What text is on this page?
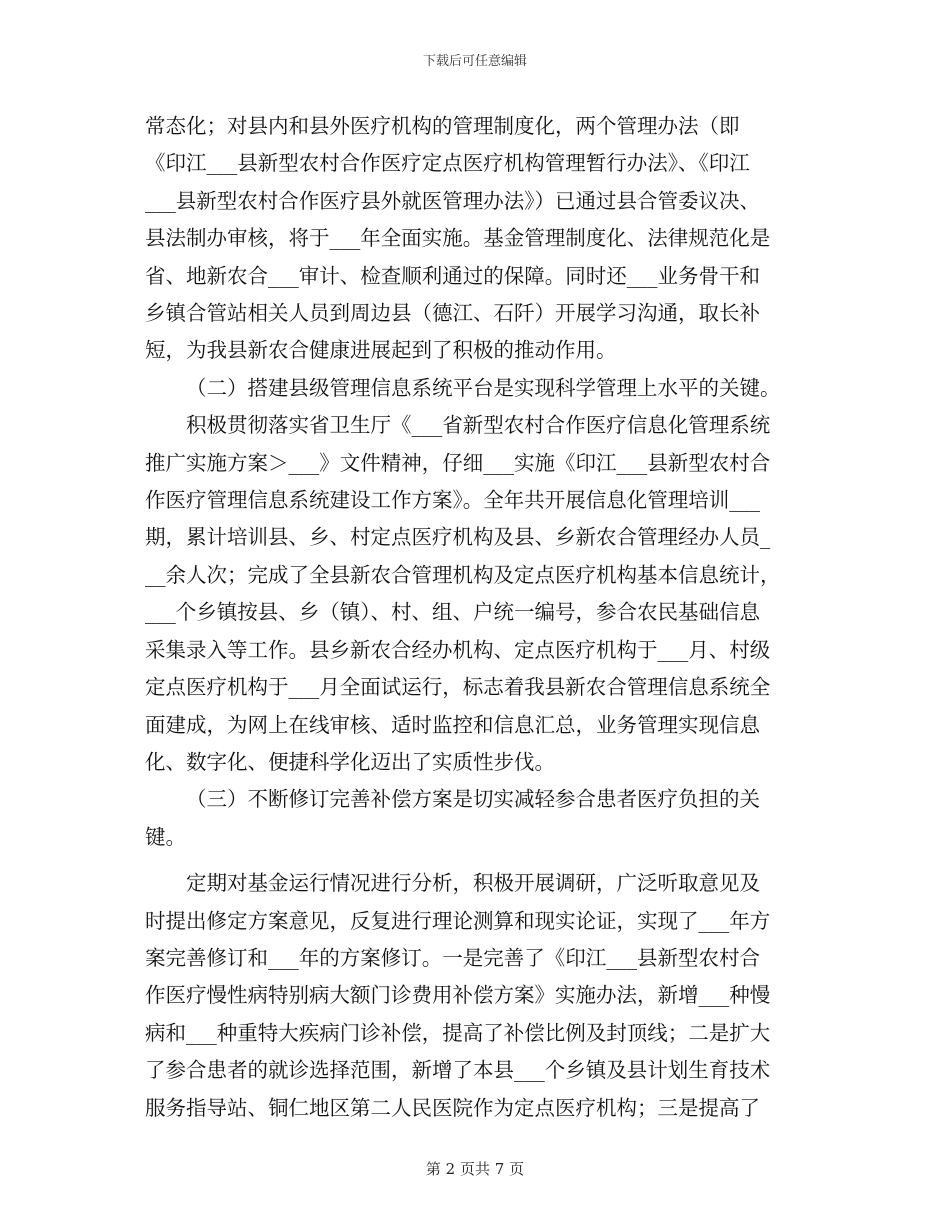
下载后可任意编辑
常态化；对县内和县外医疗机构的管理制度化，两个管理办法（即
《印江___县新型农村合作医疗定点医疗机构管理暂行办法》、《印江
___县新型农村合作医疗县外就医管理办法》）已通过县合管委议决、
县法制办审核，将于___年全面实施。基金管理制度化、法律规范化是
省、地新农合___审计、检查顺利通过的保障。同时还___业务骨干和
乡镇合管站相关人员到周边县（德江、石阡）开展学习沟通，取长补
短，为我县新农合健康进展起到了积极的推动作用。
（二）搭建县级管理信息系统平台是实现科学管理上水平的关键。
积极贯彻落实省卫生厅《___省新型农村合作医疗信息化管理系统
推广实施方案＞___》文件精神，仔细___实施《印江___县新型农村合
作医疗管理信息系统建设工作方案》。全年共开展信息化管理培训___
期，累计培训县、乡、村定点医疗机构及县、乡新农合管理经办人员_
__余人次；完成了全县新农合管理机构及定点医疗机构基本信息统计，
___个乡镇按县、乡（镇）、村、组、户统一编号，参合农民基础信息
采集录入等工作。县乡新农合经办机构、定点医疗机构于___月、村级
定点医疗机构于___月全面试运行，标志着我县新农合管理信息系统全
面建成，为网上在线审核、适时监控和信息汇总，业务管理实现信息
化、数字化、便捷科学化迈出了实质性步伐。
（三）不断修订完善补偿方案是切实减轻参合患者医疗负担的关
键。
定期对基金运行情况进行分析，积极开展调研，广泛听取意见及
时提出修定方案意见，反复进行理论测算和现实论证，实现了___年方
案完善修订和___年的方案修订。一是完善了《印江___县新型农村合
作医疗慢性病特别病大额门诊费用补偿方案》实施办法，新增___种慢
病和___种重特大疾病门诊补偿，提高了补偿比例及封顶线；二是扩大
了参合患者的就诊选择范围，新增了本县___个乡镇及县计划生育技术
服务指导站、铜仁地区第二人民医院作为定点医疗机构；三是提高了
第 2 页共 7 页
